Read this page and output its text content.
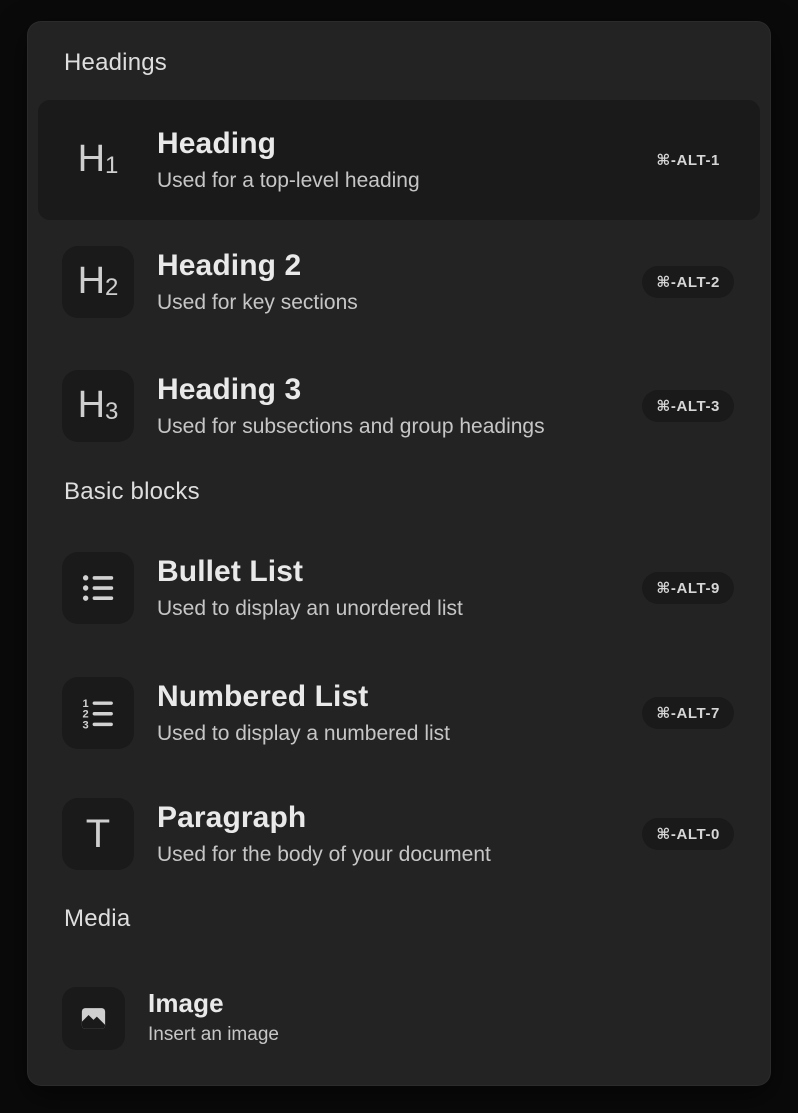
Headings
H 1
Heading
Used for a top-level heading
⌘-ALT-1
H 2
Heading 2
Used for key sections
⌘-ALT-2
H 3
Heading 3
Used for subsections and group headings
⌘-ALT-3
Basic blocks
Bullet List
Used to display an unordered list
⌘-ALT-9
1
2
3
Numbered List
Used to display a numbered list
⌘-ALT-7
T Paragraph
Used for the body of your document
⌘-ALT-0
Media
Image
Insert an image
